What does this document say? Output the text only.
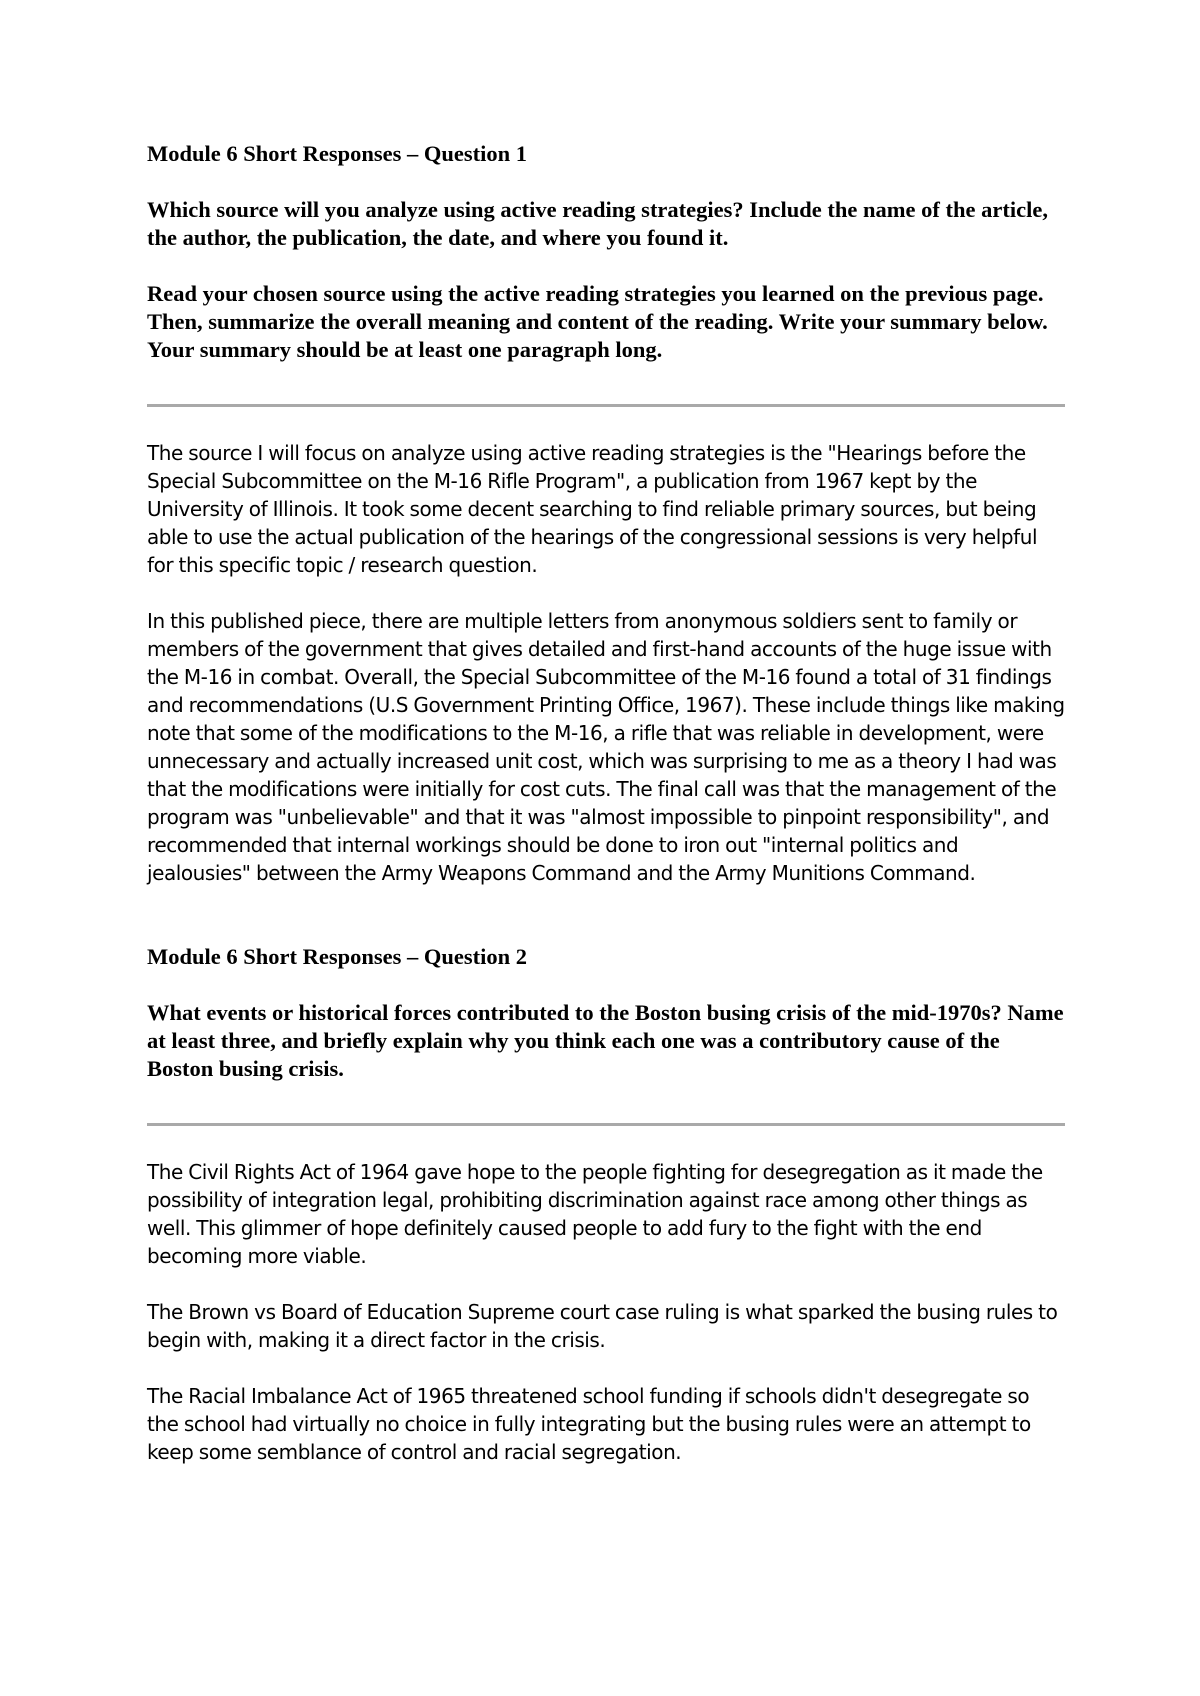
Module 6 Short Responses – Question 1

Which source will you analyze using active reading strategies? Include the name of the article, the author, the publication, the date, and where you found it.

Read your chosen source using the active reading strategies you learned on the previous page. Then, summarize the overall meaning and content of the reading. Write your summary below. Your summary should be at least one paragraph long.

The source I will focus on analyze using active reading strategies is the "Hearings before the Special Subcommittee on the M-16 Rifle Program", a publication from 1967 kept by the University of Illinois. It took some decent searching to find reliable primary sources, but being able to use the actual publication of the hearings of the congressional sessions is very helpful for this specific topic / research question.

In this published piece, there are multiple letters from anonymous soldiers sent to family or members of the government that gives detailed and first-hand accounts of the huge issue with the M-16 in combat. Overall, the Special Subcommittee of the M-16 found a total of 31 findings and recommendations (U.S Government Printing Office, 1967). These include things like making note that some of the modifications to the M-16, a rifle that was reliable in development, were unnecessary and actually increased unit cost, which was surprising to me as a theory I had was that the modifications were initially for cost cuts. The final call was that the management of the program was "unbelievable" and that it was "almost impossible to pinpoint responsibility", and recommended that internal workings should be done to iron out "internal politics and jealousies" between the Army Weapons Command and the Army Munitions Command.

Module 6 Short Responses – Question 2

What events or historical forces contributed to the Boston busing crisis of the mid-1970s? Name at least three, and briefly explain why you think each one was a contributory cause of the Boston busing crisis.

The Civil Rights Act of 1964 gave hope to the people fighting for desegregation as it made the possibility of integration legal, prohibiting discrimination against race among other things as well. This glimmer of hope definitely caused people to add fury to the fight with the end becoming more viable.

The Brown vs Board of Education Supreme court case ruling is what sparked the busing rules to begin with, making it a direct factor in the crisis.

The Racial Imbalance Act of 1965 threatened school funding if schools didn't desegregate so the school had virtually no choice in fully integrating but the busing rules were an attempt to keep some semblance of control and racial segregation.
